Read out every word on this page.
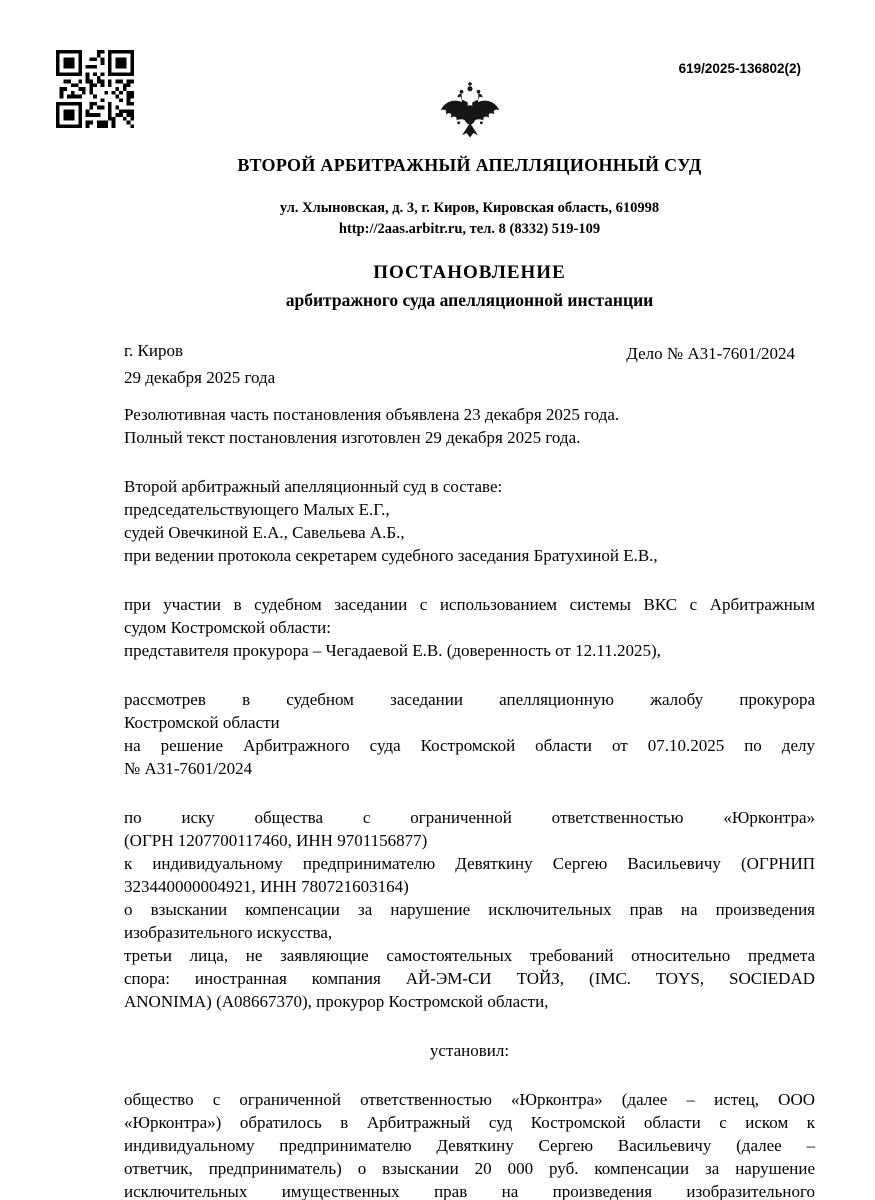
619/2025-136802(2)
ВТОРОЙ АРБИТРАЖНЫЙ АПЕЛЛЯЦИОННЫЙ СУД
ул. Хлыновская, д. 3, г. Киров, Кировская область, 610998
http://2aas.arbitr.ru, тел. 8 (8332) 519-109
ПОСТАНОВЛЕНИЕ
арбитражного суда апелляционной инстанции
г. Киров
29 декабря 2025 года
Дело № А31-7601/2024

Резолютивная часть постановления объявлена 23 декабря 2025 года.

Полный текст постановления изготовлен 29 декабря 2025 года.

Второй арбитражный апелляционный суд в составе:

председательствующего Малых Е.Г.,

судей Овечкиной Е.А., Савельева А.Б.,

при ведении протокола секретарем судебного заседания Братухиной Е.В.,

при участии в судебном заседании с использованием системы ВКС с Арбитражным

судом Костромской области:

представителя прокурора – Чегадаевой Е.В. (доверенность от 12.11.2025),

рассмотрев в судебном заседании апелляционную жалобу прокурора

Костромской области

на решение Арбитражного суда Костромской области от 07.10.2025 по делу

№ А31-7601/2024

по иску общества с ограниченной ответственностью «Юрконтра»

(ОГРН 1207700117460, ИНН 9701156877)

к индивидуальному предпринимателю Девяткину Сергею Васильевичу (ОГРНИП

323440000004921, ИНН 780721603164)

о взыскании компенсации за нарушение исключительных прав на произведения

изобразительного искусства,

третьи лица, не заявляющие самостоятельных требований относительно предмета

спора: иностранная компания АЙ-ЭМ-СИ ТОЙЗ, (IMC. TOYS, SOCIEDAD

ANONIMA) (А08667370), прокурор Костромской области,

установил:

общество с ограниченной ответственностью «Юрконтра» (далее – истец, ООО

«Юрконтра») обратилось в Арбитражный суд Костромской области с иском к

индивидуальному предпринимателю Девяткину Сергею Васильевичу (далее –

ответчик, предприниматель) о взыскании 20 000 руб. компенсации за нарушение

исключительных имущественных прав на произведения изобразительного
